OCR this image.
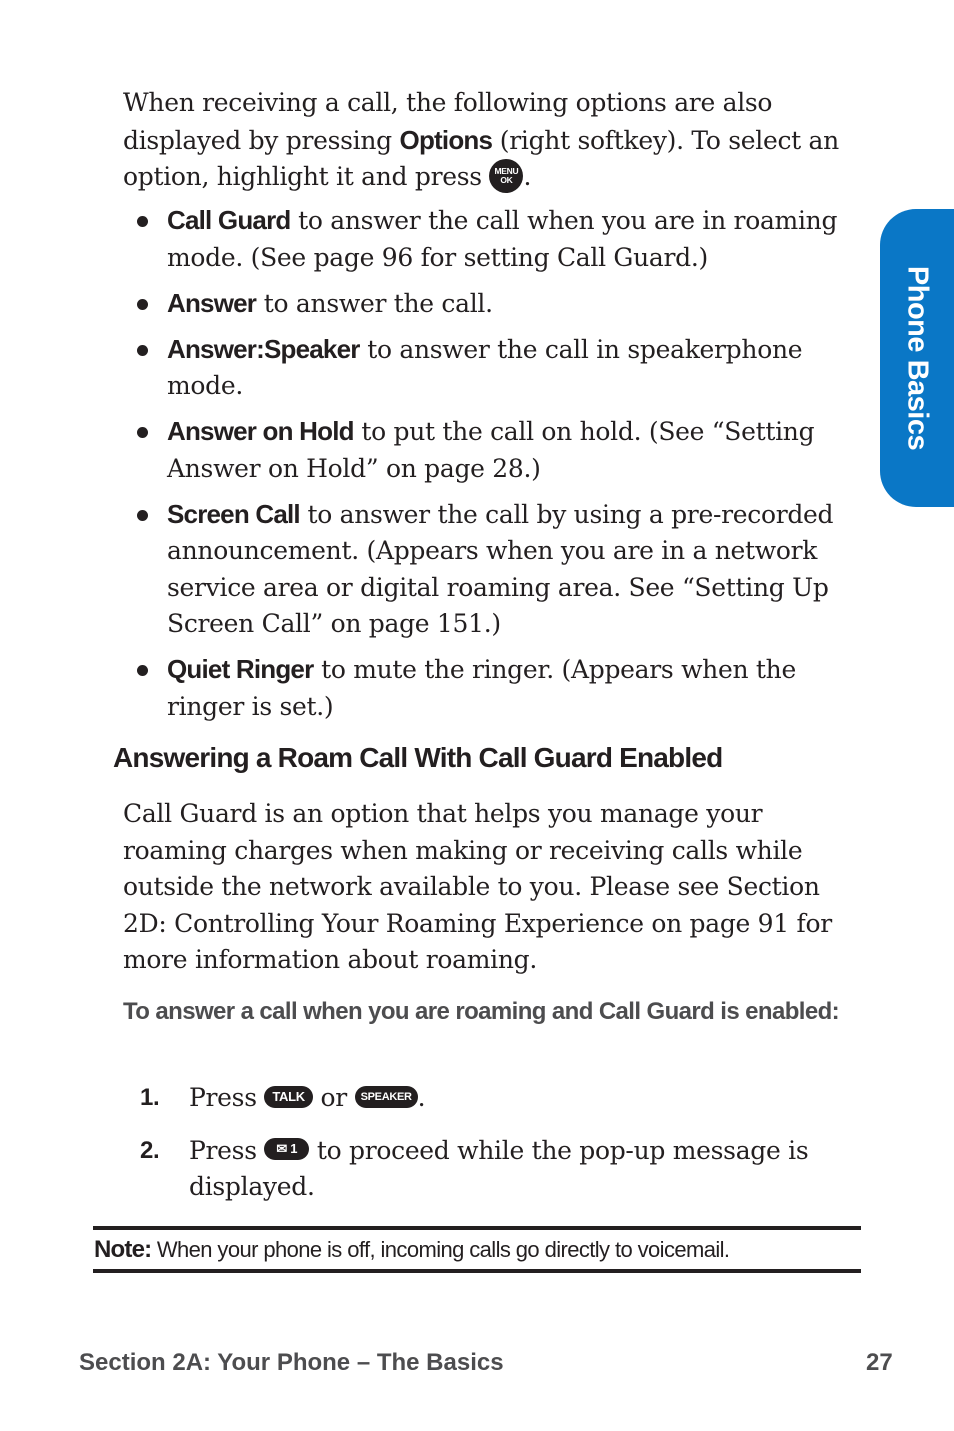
Phone Basics

When receiving a call, the following options are also displayed by pressing Options (right softkey). To select an option, highlight it and press MENU
OK .

Call Guard to answer the call when you are in roaming mode. (See page 96 for setting Call Guard.)
Answer to answer the call.
Answer:Speaker to answer the call in speakerphone mode.
Answer on Hold to put the call on hold. (See “Setting Answer on Hold” on page 28.)
Screen Call to answer the call by using a pre-recorded announcement. (Appears when you are in a network service area or digital roaming area. See “Setting Up Screen Call” on page 151.)
Quiet Ringer to mute the ringer. (Appears when the ringer is set.)
Answering a Roam Call With Call Guard Enabled

Call Guard is an option that helps you manage your roaming charges when making or receiving calls while outside the network available to you. Please see Section 2D: Controlling Your Roaming Experience on page 91 for more information about roaming.

To answer a call when you are roaming and Call Guard is enabled:

1. Press TALK or SPEAKER .
2. Press ✉ 1 to proceed while the pop-up message is displayed.

Note: When your phone is off, incoming calls go directly to voicemail.

Section 2A: Your Phone – The Basics	27
